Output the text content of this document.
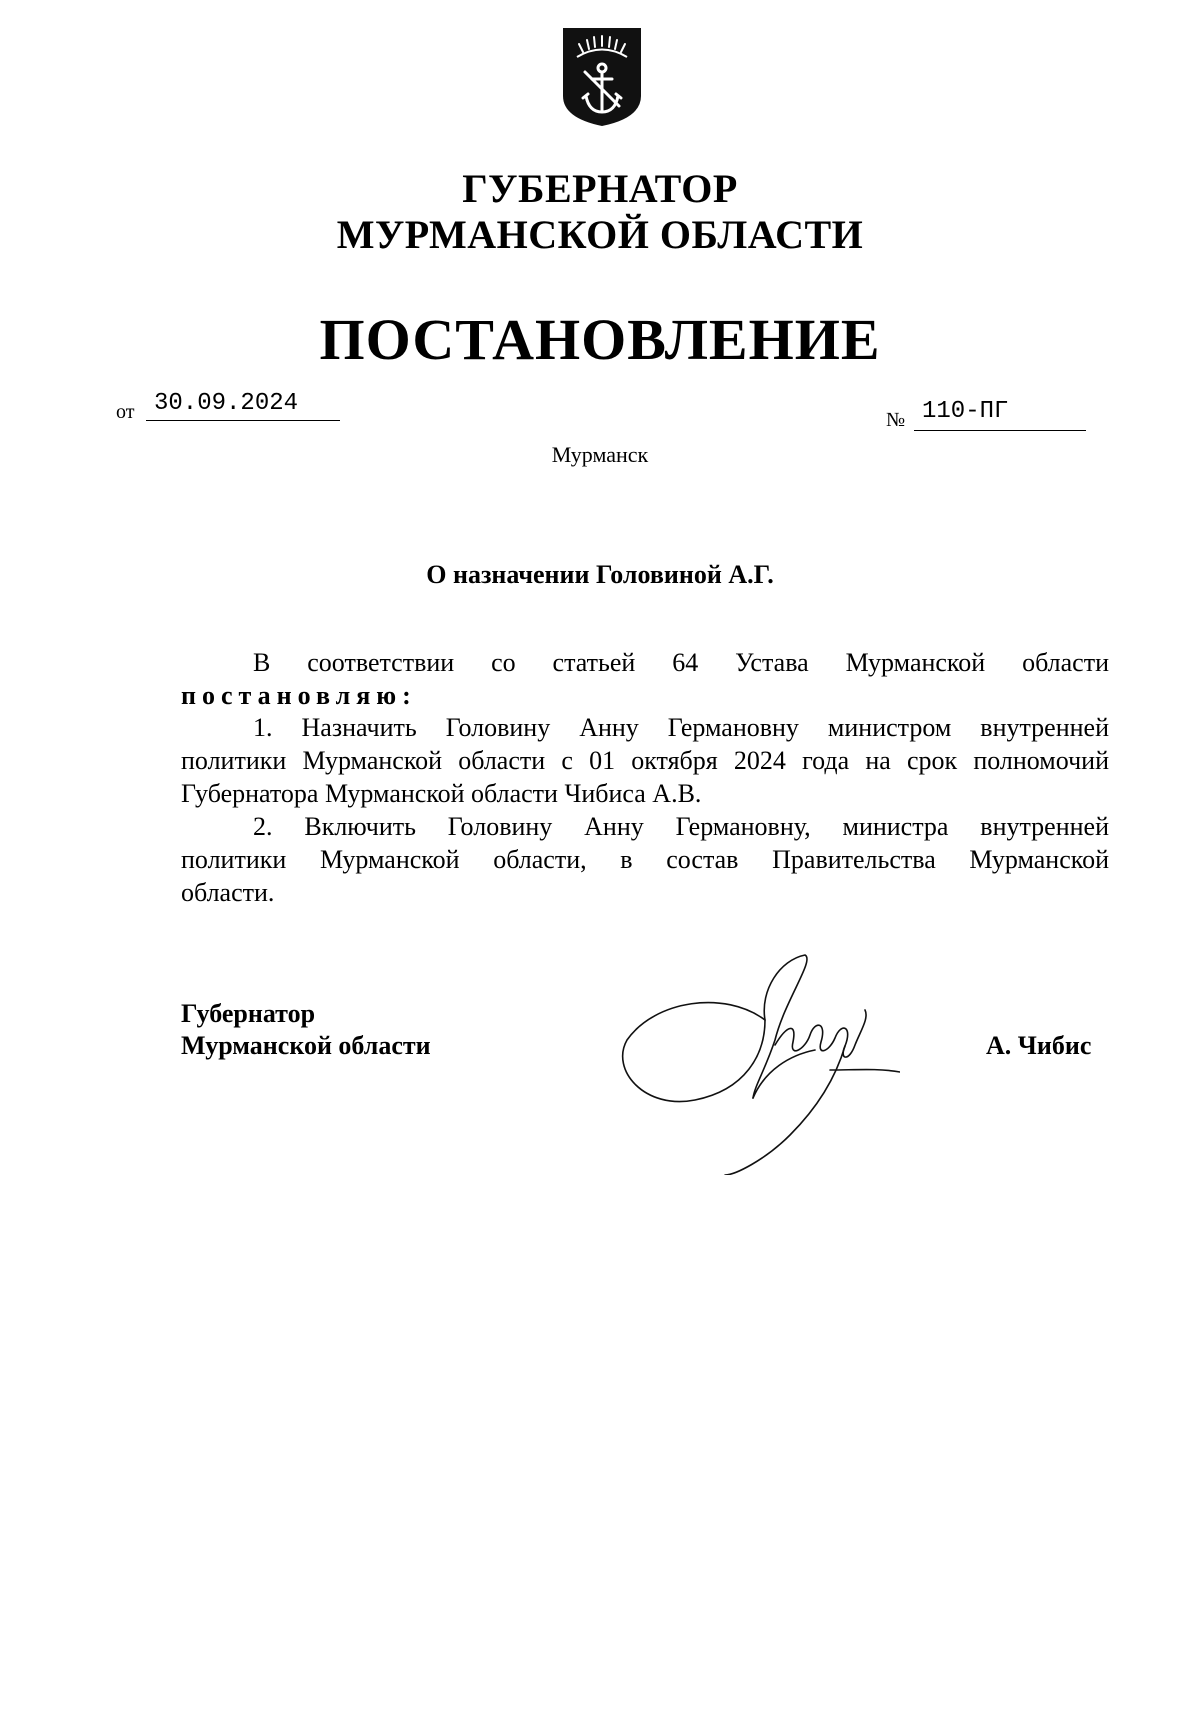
ГУБЕРНАТОР
МУРМАНСКОЙ ОБЛАСТИ
ПОСТАНОВЛЕНИЕ
от 30.09.2024
№ 110-ПГ
Мурманск
О назначении Головиной А.Г.
В соответствии со статьей 64 Устава Мурманской области
постановляю:
1. Назначить Головину Анну Германовну министром внутренней
политики Мурманской области с 01 октября 2024 года на срок полномочий
Губернатора Мурманской области Чибиса А.В.
2. Включить Головину Анну Германовну, министра внутренней
политики Мурманской области, в состав Правительства Мурманской
области.
Губернатор
Мурманской области	А. Чибис
